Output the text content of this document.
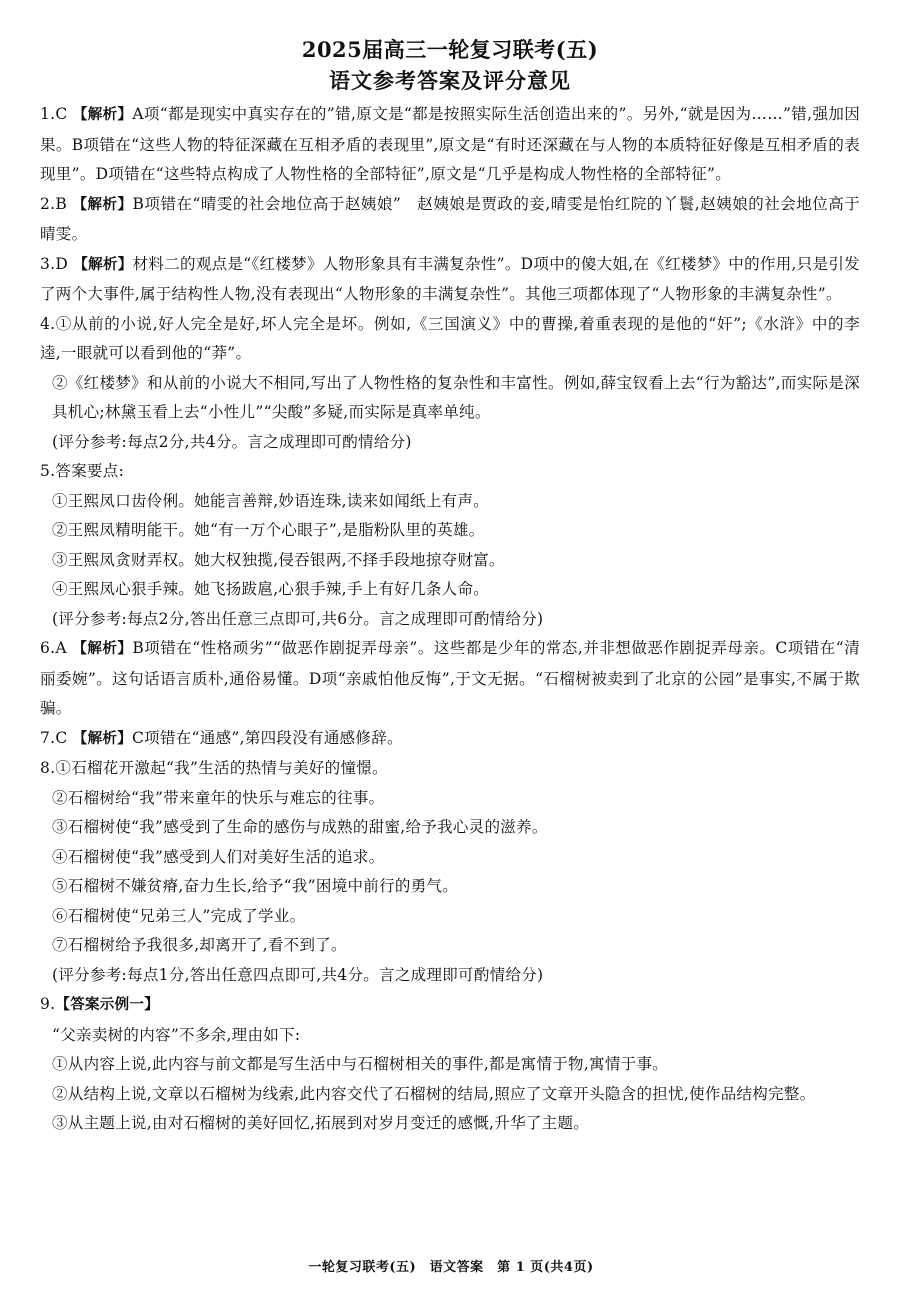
2025届高三一轮复习联考(五)
语文参考答案及评分意见

1.C 【解析】A项“都是现实中真实存在的”错,原文是“都是按照实际生活创造出来的”。另外,“就是因为……”错,强加因果。B项错在“这些人物的特征深藏在互相矛盾的表现里”,原文是“有时还深藏在与人物的本质特征好像是互相矛盾的表现里”。D项错在“这些特点构成了人物性格的全部特征”,原文是“几乎是构成人物性格的全部特征”。

2.B 【解析】B项错在“晴雯的社会地位高于赵姨娘”　赵姨娘是贾政的妾,晴雯是怡红院的丫鬟,赵姨娘的社会地位高于晴雯。

3.D 【解析】材料二的观点是“《红楼梦》人物形象具有丰满复杂性”。D项中的傻大姐,在《红楼梦》中的作用,只是引发了两个大事件,属于结构性人物,没有表现出“人物形象的丰满复杂性”。其他三项都体现了“人物形象的丰满复杂性”。

4.①从前的小说,好人完全是好,坏人完全是坏。例如,《三国演义》中的曹操,着重表现的是他的“奸”;《水浒》中的李逵,一眼就可以看到他的“莽”。

②《红楼梦》和从前的小说大不相同,写出了人物性格的复杂性和丰富性。例如,薛宝钗看上去“行为豁达”,而实际是深具机心;林黛玉看上去“小性儿”“尖酸”多疑,而实际是真率单纯。

(评分参考:每点2分,共4分。言之成理即可酌情给分)

5.答案要点:

①王熙凤口齿伶俐。她能言善辩,妙语连珠,读来如闻纸上有声。

②王熙凤精明能干。她“有一万个心眼子”,是脂粉队里的英雄。

③王熙凤贪财弄权。她大权独揽,侵吞银两,不择手段地掠夺财富。

④王熙凤心狠手辣。她飞扬跋扈,心狠手辣,手上有好几条人命。

(评分参考:每点2分,答出任意三点即可,共6分。言之成理即可酌情给分)

6.A 【解析】B项错在“性格顽劣”“做恶作剧捉弄母亲”。这些都是少年的常态,并非想做恶作剧捉弄母亲。C项错在“清丽委婉”。这句话语言质朴,通俗易懂。D项“亲戚怕他反悔”,于文无据。“石榴树被卖到了北京的公园”是事实,不属于欺骗。

7.C 【解析】C项错在“通感”,第四段没有通感修辞。

8.①石榴花开激起“我”生活的热情与美好的憧憬。

②石榴树给“我”带来童年的快乐与难忘的往事。

③石榴树使“我”感受到了生命的感伤与成熟的甜蜜,给予我心灵的滋养。

④石榴树使“我”感受到人们对美好生活的追求。

⑤石榴树不嫌贫瘠,奋力生长,给予“我”困境中前行的勇气。

⑥石榴树使“兄弟三人”完成了学业。

⑦石榴树给予我很多,却离开了,看不到了。

(评分参考:每点1分,答出任意四点即可,共4分。言之成理即可酌情给分)

9.【答案示例一】

“父亲卖树的内容”不多余,理由如下:

①从内容上说,此内容与前文都是写生活中与石榴树相关的事件,都是寓情于物,寓情于事。

②从结构上说,文章以石榴树为线索,此内容交代了石榴树的结局,照应了文章开头隐含的担忧,使作品结构完整。

③从主题上说,由对石榴树的美好回忆,拓展到对岁月变迁的感慨,升华了主题。

一轮复习联考(五)　语文答案　第 1 页(共4页)
